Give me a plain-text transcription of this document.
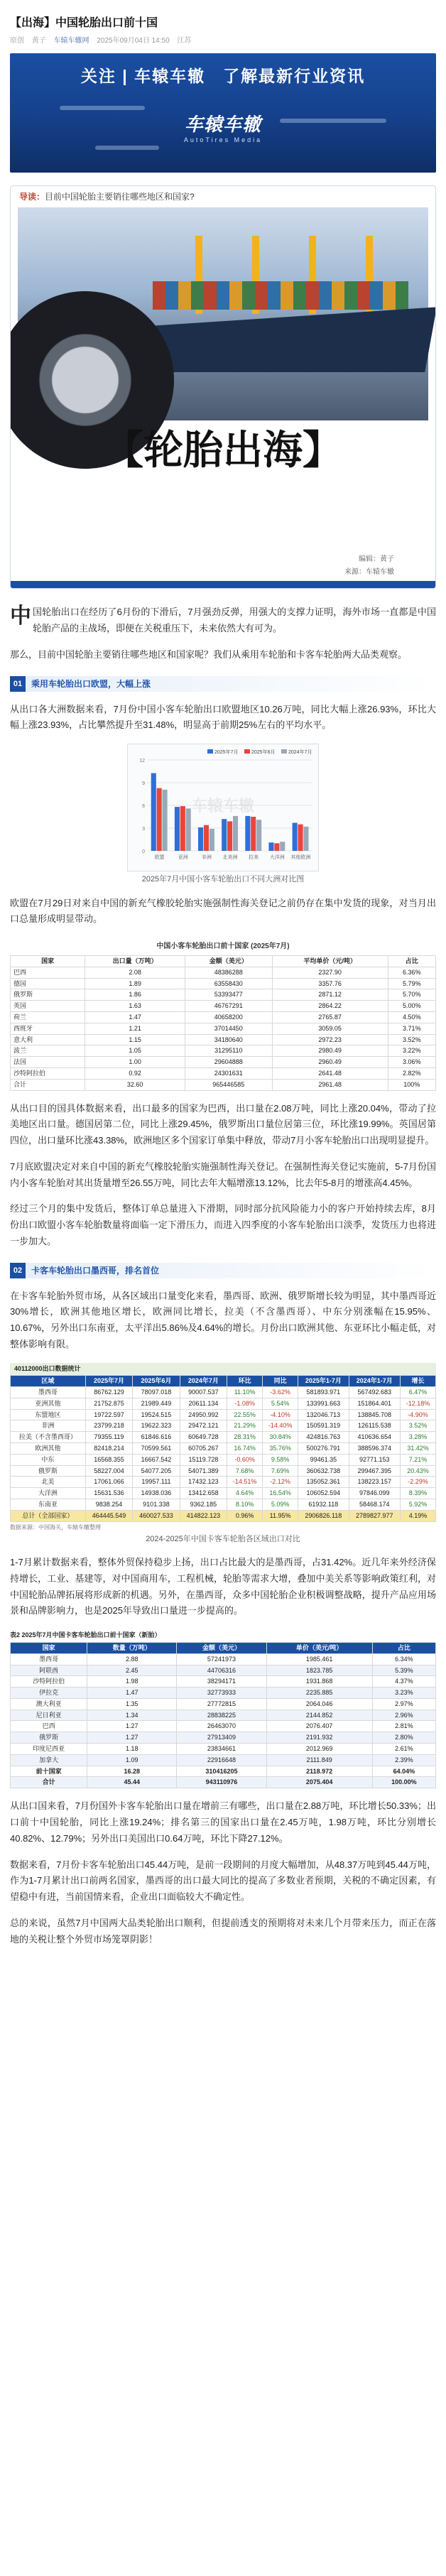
【出海】中国轮胎出口前十国
原创 黄子 车辕车辙网 2025年09月04日 14:50 江苏
关注 | 车辕车辙　了解最新行业资讯
车辕车辙
AutoTires Media
导读：目前中国轮胎主要销往哪些地区和国家?
【轮胎出海】
编辑：黄子
来源：车辕车辙

中国轮胎出口在经历了6月份的下滑后，7月强劲反弹，用强大的支撑力证明，海外市场一直都是中国轮胎产品的主战场，即便在关税重压下，未来依然大有可为。

那么，目前中国轮胎主要销往哪些地区和国家呢？我们从乘用车轮胎和卡客车轮胎两大品类观察。

01	乘用车轮胎出口欧盟，大幅上涨

从出口各大洲数据来看，7月份中国小客车轮胎出口欧盟地区10.26万吨，同比大幅上涨26.93%，环比大幅上涨23.93%，占比攀然提升至31.48%，明显高于前期25%左右的平均水平。

0
3
6
9
12
欧盟	亚洲	非洲 北美洲 拉美 大洋洲 其他欧洲
2025年7月	2025年6月	2024年7月
车辕车辙
2025年7月中国小客车轮胎出口不同大洲对比图

欧盟在7月29日对来自中国的新充气橡胶轮胎实施强制性海关登记之前仍存在集中发货的现象，对当月出口总量形成明显带动。

中国小客车轮胎出口前十国家 (2025年7月)
国家	出口量（万吨）	金额（美元）	平均单价（元/吨）	占比
巴西	2.08	48386288	2327.90	6.36%
德国	1.89	63558430	3357.76	5.79%
俄罗斯	1.86	53393477	2871.12	5.70%
英国	1.63	46767291	2864.22	5.00%
荷兰	1.47	40658200	2765.87	4.50%
西班牙	1.21	37014450	3059.05	3.71%
意大利	1.15	34180640	2972.23	3.52%
波兰	1.05	31295110	2980.49	3.22%
法国	1.00	29604888	2960.49	3.06%
沙特阿拉伯	0.92	24301631	2641.48	2.82%
合计	32.60	965446585	2961.48	100%

从出口目的国具体数据来看，出口最多的国家为巴西，出口量在2.08万吨，同比上涨20.04%，带动了拉美地区出口量。德国居第二位，同比上涨29.45%，俄罗斯出口量位居第三位，环比涨19.99%。英国居第四位，出口量环比涨43.38%，欧洲地区多个国家订单集中释放，带动7月小客车轮胎出口出现明显提升。

7月底欧盟决定对来自中国的新充气橡胶轮胎实施强制性海关登记。在强制性海关登记实施前，5-7月份国内小客车轮胎对其出货量增至26.55万吨，同比去年大幅增涨13.12%，比去年5-8月的增涨高4.45%。

经过三个月的集中发货后，整体订单总量进入下滑期，同时部分抗风险能力小的客户开始持续去库，8月份出口欧盟小客车轮胎数量将面临一定下滑压力，而进入四季度的小客车轮胎出口淡季，发货压力也将进一步加大。

02	卡客车轮胎出口墨西哥，排名首位

在卡客车轮胎外贸市场，从各区域出口量变化来看，墨西哥、欧洲、俄罗斯增长较为明显，其中墨西哥近30%增长，欧洲其他地区增长，欧洲同比增长，拉美（不含墨西哥）、中东分别涨幅在15.95%、10.67%，另外出口东南亚，太平洋出5.86%及4.64%的增长。月份出口欧洲其他、东亚环比小幅走低，对整体影响有限。

40112000出口数据统计
区域	2025年7月	2025年6月	2024年7月	环比	同比	2025年1-7月	2024年1-7月	增长
墨西哥	86762.129	78097.018	90007.537	11.10%	-3.62%	581893.971	567492.683	6.47%
亚洲其他	21752.875	21989.449	20611.134	-1.08%	5.54%	133991.663	151864.401	-12.18%
东盟地区	19722.597	19524.515	24950.992	22.55%	-4.10%	132046.713	138845.708	-4.90%
非洲	23799.218	19622.323	29472.121	21.29%	-14.40%	150591.319	126115.538	3.52%
拉美（不含墨西哥）	79355.119	61846.616	60649.728	28.31%	30.84%	424816.763	410636.654	3.28%
欧洲其他	82418.214	70599.561	60705.267	16.74%	35.76%	500276.791	388596.374	31.42%
中东	16568.355	16667.542	15119.728	-0.60%	9.58%	99461.35	92771.153	7.21%
俄罗斯	58227.004	54077.205	54071.389	7.68%	7.69%	360632.738	299467.395	20.43%
北美	17061.066	19957.111	17432.123	-14.51%	-2.12%	135052.361	138223.157	-2.29%
大洋洲	15631.536	14938.036	13412.658	4.64%	16.54%	106052.594	97846.099	8.39%
东南亚	9838.254	9101.338	9362.185	8.10%	5.09%	61932.118	58468.174	5.92%
总计（全部国家）	464445.549	460027.533	414822.123	0.96%	11.95%	2906826.118	2789827.977	4.19%
数据来源：中国海关，车辕车辙整理
2024-2025年中国卡客车轮胎各区域出口对比

1-7月累计数据来看，整体外贸保持稳步上扬，出口占比最大的是墨西哥，占31.42%。近几年来外经济保持增长，工业、基建等，对中国商用车，工程机械，轮胎等需求大增，叠加中美关系等影响政策红利，对中国轮胎品牌拓展将形成新的机遇。另外，在墨西哥，众多中国轮胎企业积极调整战略，提升产品应用场景和品牌影响力，也是2025年导致出口量进一步提高的。

表2 2025年7月中国卡客车轮胎出口前十国家（新胎）
国家	数量（万吨）	金额（美元）	单价（美元/吨）	占比
墨西哥	2.88	57241973	1985.461	6.34%
阿联酋	2.45	44706316	1823.785	5.39%
沙特阿拉伯	1.98	38294171	1931.868	4.37%
伊拉克	1.47	32773933	2235.885	3.23%
澳大利亚	1.35	27772815	2064.046	2.97%
尼日利亚	1.34	28838225	2144.852	2.96%
巴西	1.27	26463070	2076.407	2.81%
俄罗斯	1.27	27913409	2191.932	2.80%
印度尼西亚	1.18	23834661	2012.969	2.61%
加拿大	1.09	22916648	2111.849	2.39%
前十国家	16.28	310416205	2118.972	64.04%
合计	45.44	943110976	2075.404	100.00%

从出口国来看，7月份国外卡客车轮胎出口量在增前三有哪些，出口量在2.88万吨，环比增长50.33%；出口前十中国轮胎，同比上涨19.24%；排名第三的国家出口量在2.45万吨，1.98万吨，环比分别增长40.82%、12.79%；另外出口美国出口0.64万吨，环比下降27.12%。

数据来看，7月份卡客车轮胎出口45.44万吨，是前一段期间的月度大幅增加，从48.37万吨到45.44万吨，作为1-7月累计出口前两名国家，墨西哥的出口最大同比的提高了多数业者预期，关税的不确定因素，有望稳中有进，当前国情来看，企业出口面临较大不确定性。

总的来说，虽然7月中国两大品类轮胎出口顺利，但提前透支的预期将对未来几个月带来压力，而正在落地的关税让整个外贸市场笼罩阴影！
